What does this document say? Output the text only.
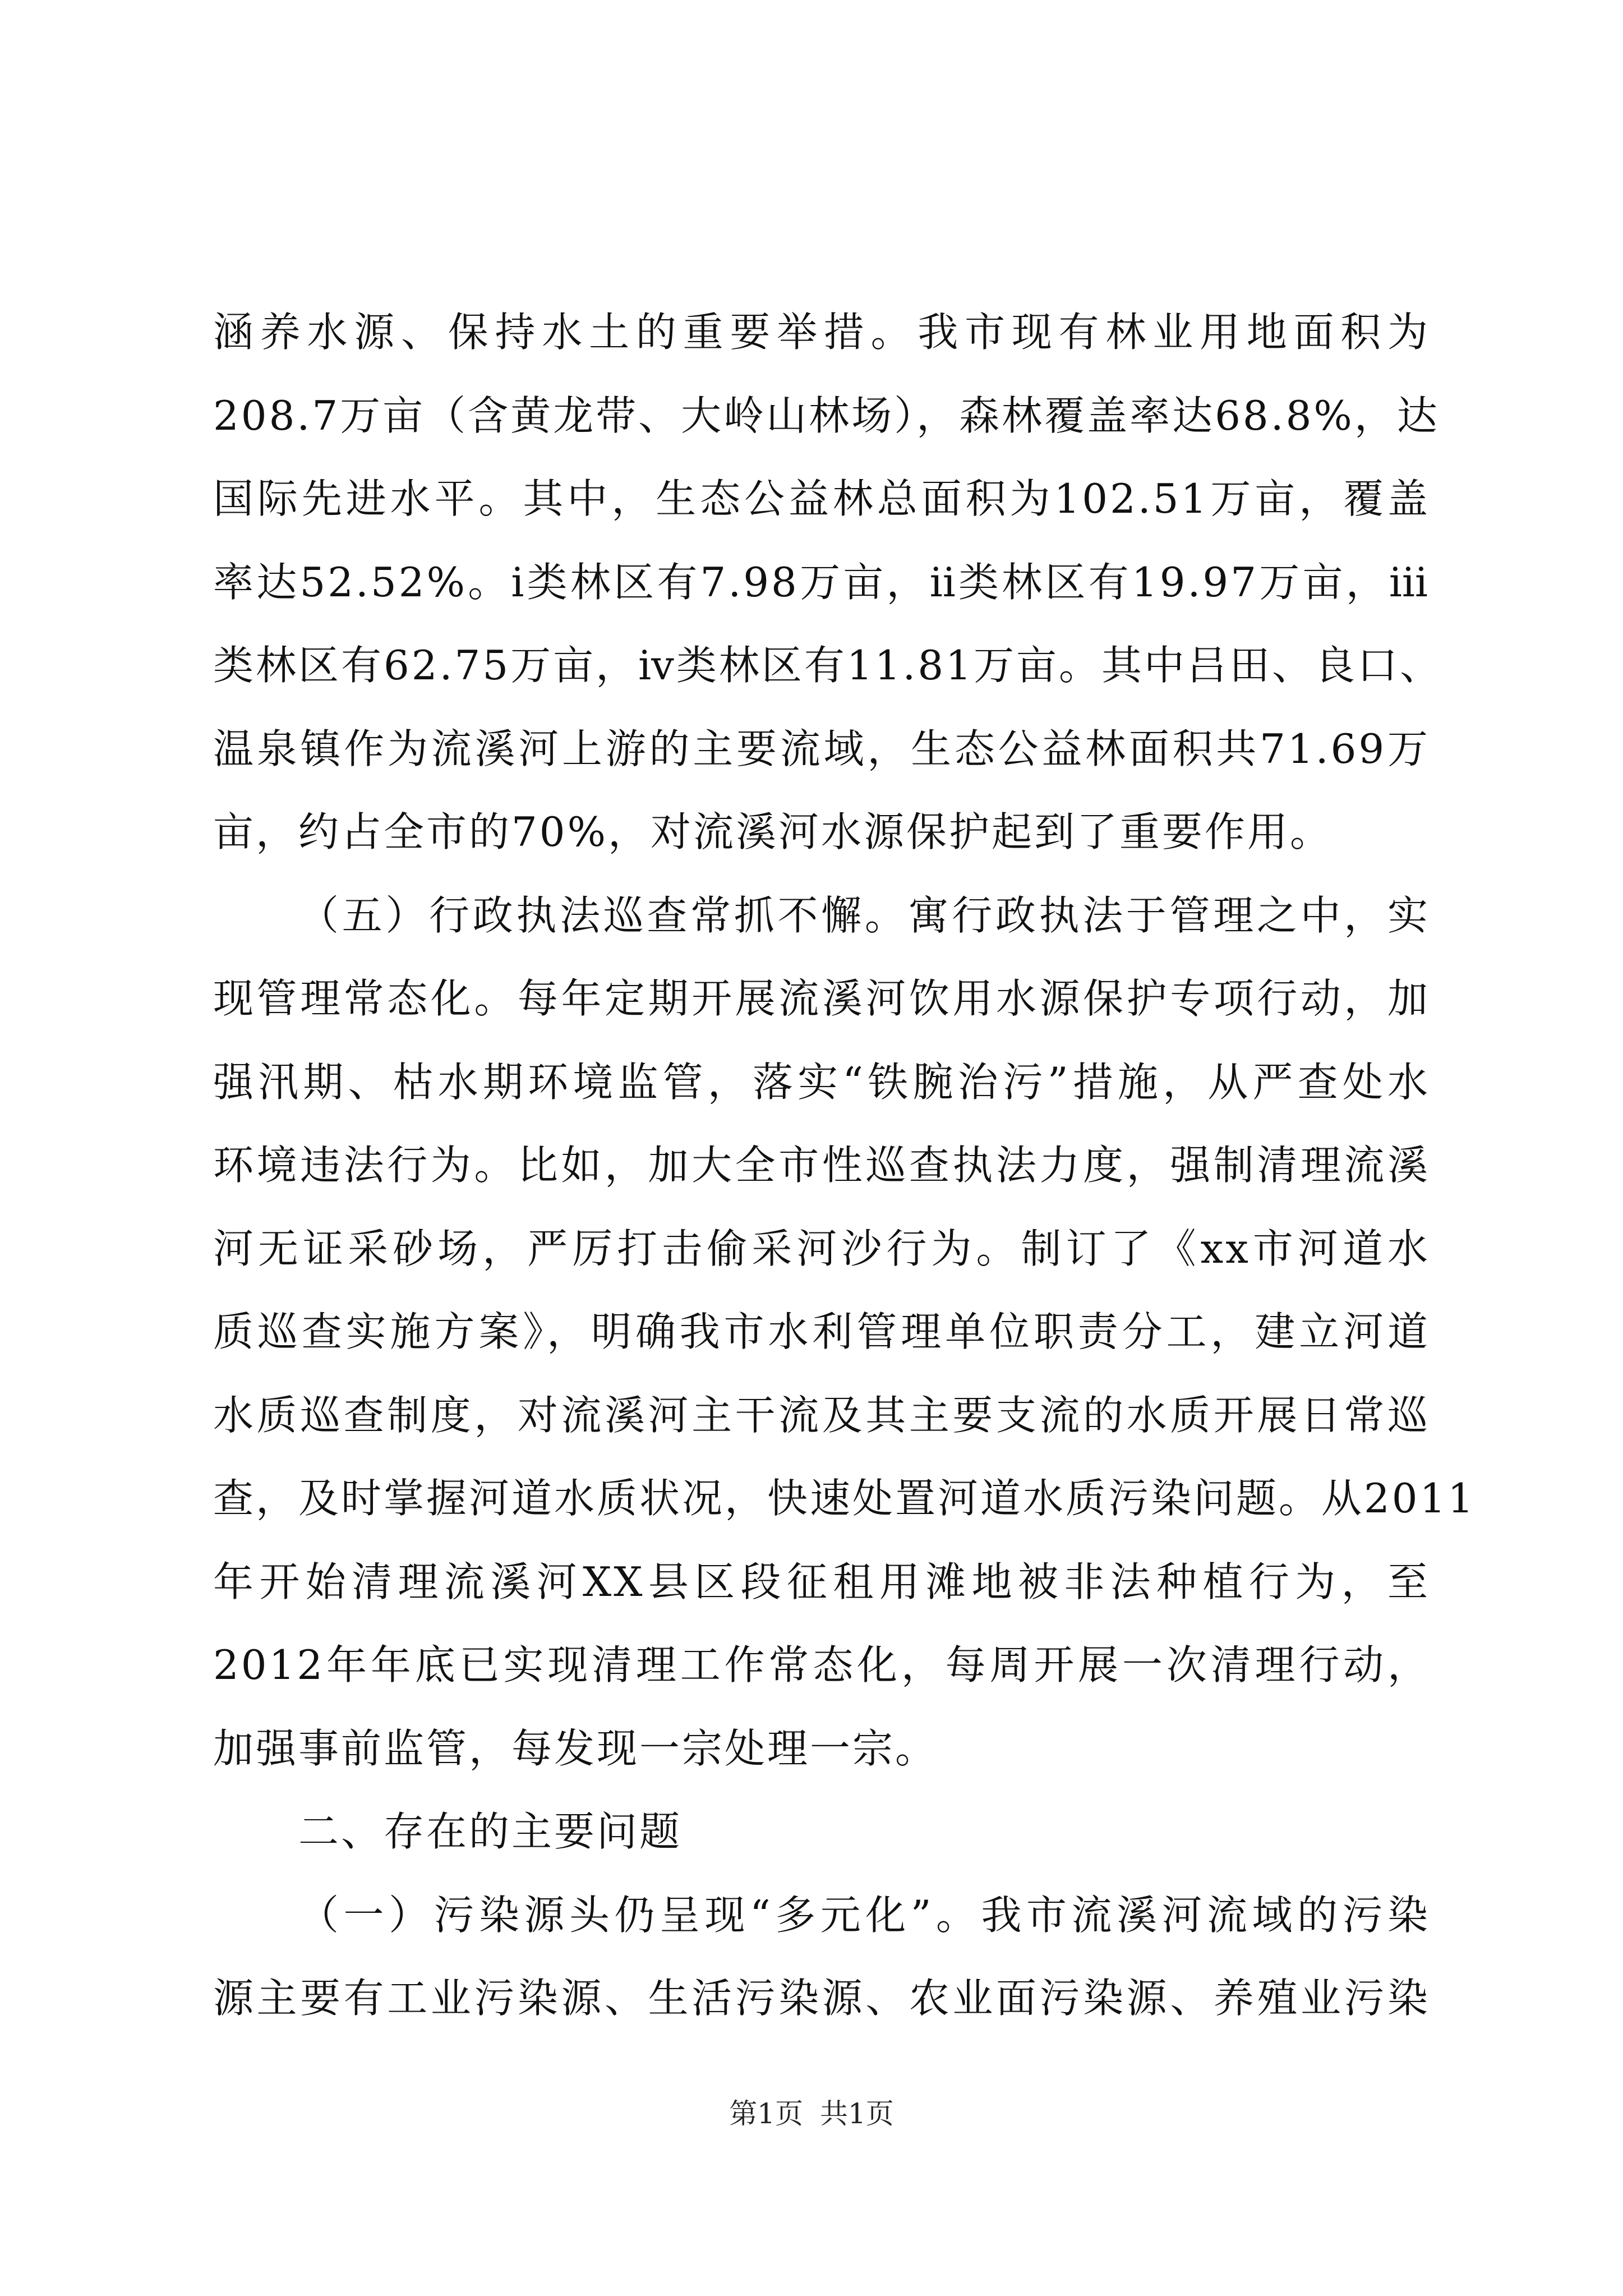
涵养水源、保持水土的重要举措。我市现有林业用地面积为
208.7万亩（含黄龙带、大岭山林场），森林覆盖率达68.8%，达
国际先进水平。其中，生态公益林总面积为102.51万亩，覆盖
率达52.52%。ⅰ类林区有7.98万亩，ⅱ类林区有19.97万亩，ⅲ
类林区有62.75万亩，ⅳ类林区有11.81万亩。其中吕田、良口、
温泉镇作为流溪河上游的主要流域，生态公益林面积共71.69万
亩，约占全市的70%，对流溪河水源保护起到了重要作用。
（五）行政执法巡查常抓不懈。寓行政执法于管理之中，实
现管理常态化。每年定期开展流溪河饮用水源保护专项行动，加
强汛期、枯水期环境监管，落实“铁腕治污”措施，从严查处水
环境违法行为。比如，加大全市性巡查执法力度，强制清理流溪
河无证采砂场，严厉打击偷采河沙行为。制订了《xx市河道水
质巡查实施方案》，明确我市水利管理单位职责分工，建立河道
水质巡查制度，对流溪河主干流及其主要支流的水质开展日常巡
查，及时掌握河道水质状况，快速处置河道水质污染问题。从2011
年开始清理流溪河XX县区段征租用滩地被非法种植行为，至
2012年年底已实现清理工作常态化，每周开展一次清理行动，
加强事前监管，每发现一宗处理一宗。
二、存在的主要问题
（一）污染源头仍呈现“多元化”。我市流溪河流域的污染
源主要有工业污染源、生活污染源、农业面污染源、养殖业污染
第1页 共1页
